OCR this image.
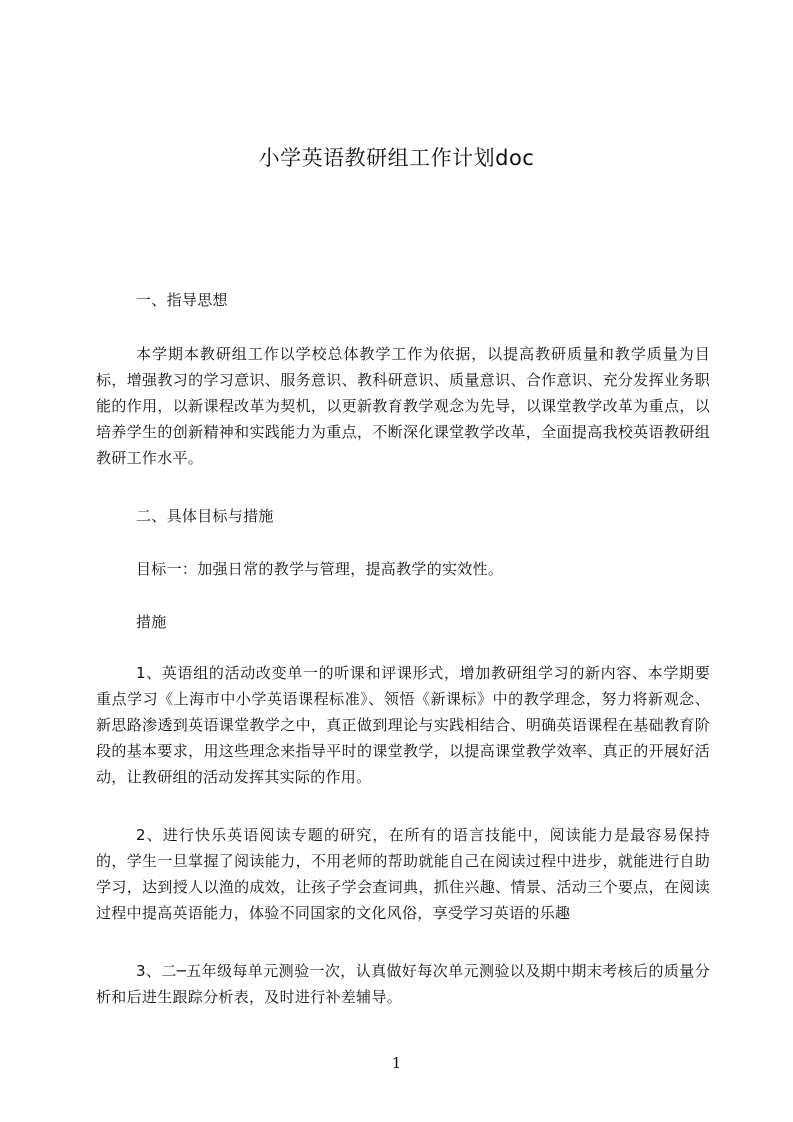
小学英语教研组工作计划doc
一、指导思想
本学期本教研组工作以学校总体教学工作为依据，以提高教研质量和教学质量为目标，增强教习的学习意识、服务意识、教科研意识、质量意识、合作意识、充分发挥业务职能的作用，以新课程改革为契机，以更新教育教学观念为先导，以课堂教学改革为重点，以培养学生的创新精神和实践能力为重点，不断深化课堂教学改革，全面提高我校英语教研组教研工作水平。
二、具体目标与措施
目标一：加强日常的教学与管理，提高教学的实效性。
措施
1、英语组的活动改变单一的听课和评课形式，增加教研组学习的新内容、本学期要重点学习《上海市中小学英语课程标准》、领悟《新课标》中的教学理念，努力将新观念、新思路渗透到英语课堂教学之中，真正做到理论与实践相结合、明确英语课程在基础教育阶段的基本要求，用这些理念来指导平时的课堂教学，以提高课堂教学效率、真正的开展好活动，让教研组的活动发挥其实际的作用。
2、进行快乐英语阅读专题的研究，在所有的语言技能中，阅读能力是最容易保持的，学生一旦掌握了阅读能力，不用老师的帮助就能自己在阅读过程中进步，就能进行自助学习，达到授人以渔的成效，让孩子学会查词典，抓住兴趣、情景、活动三个要点，在阅读过程中提高英语能力，体验不同国家的文化风俗，享受学习英语的乐趣
3、二─五年级每单元测验一次，认真做好每次单元测验以及期中期末考核后的质量分析和后进生跟踪分析表，及时进行补差辅导。
1
